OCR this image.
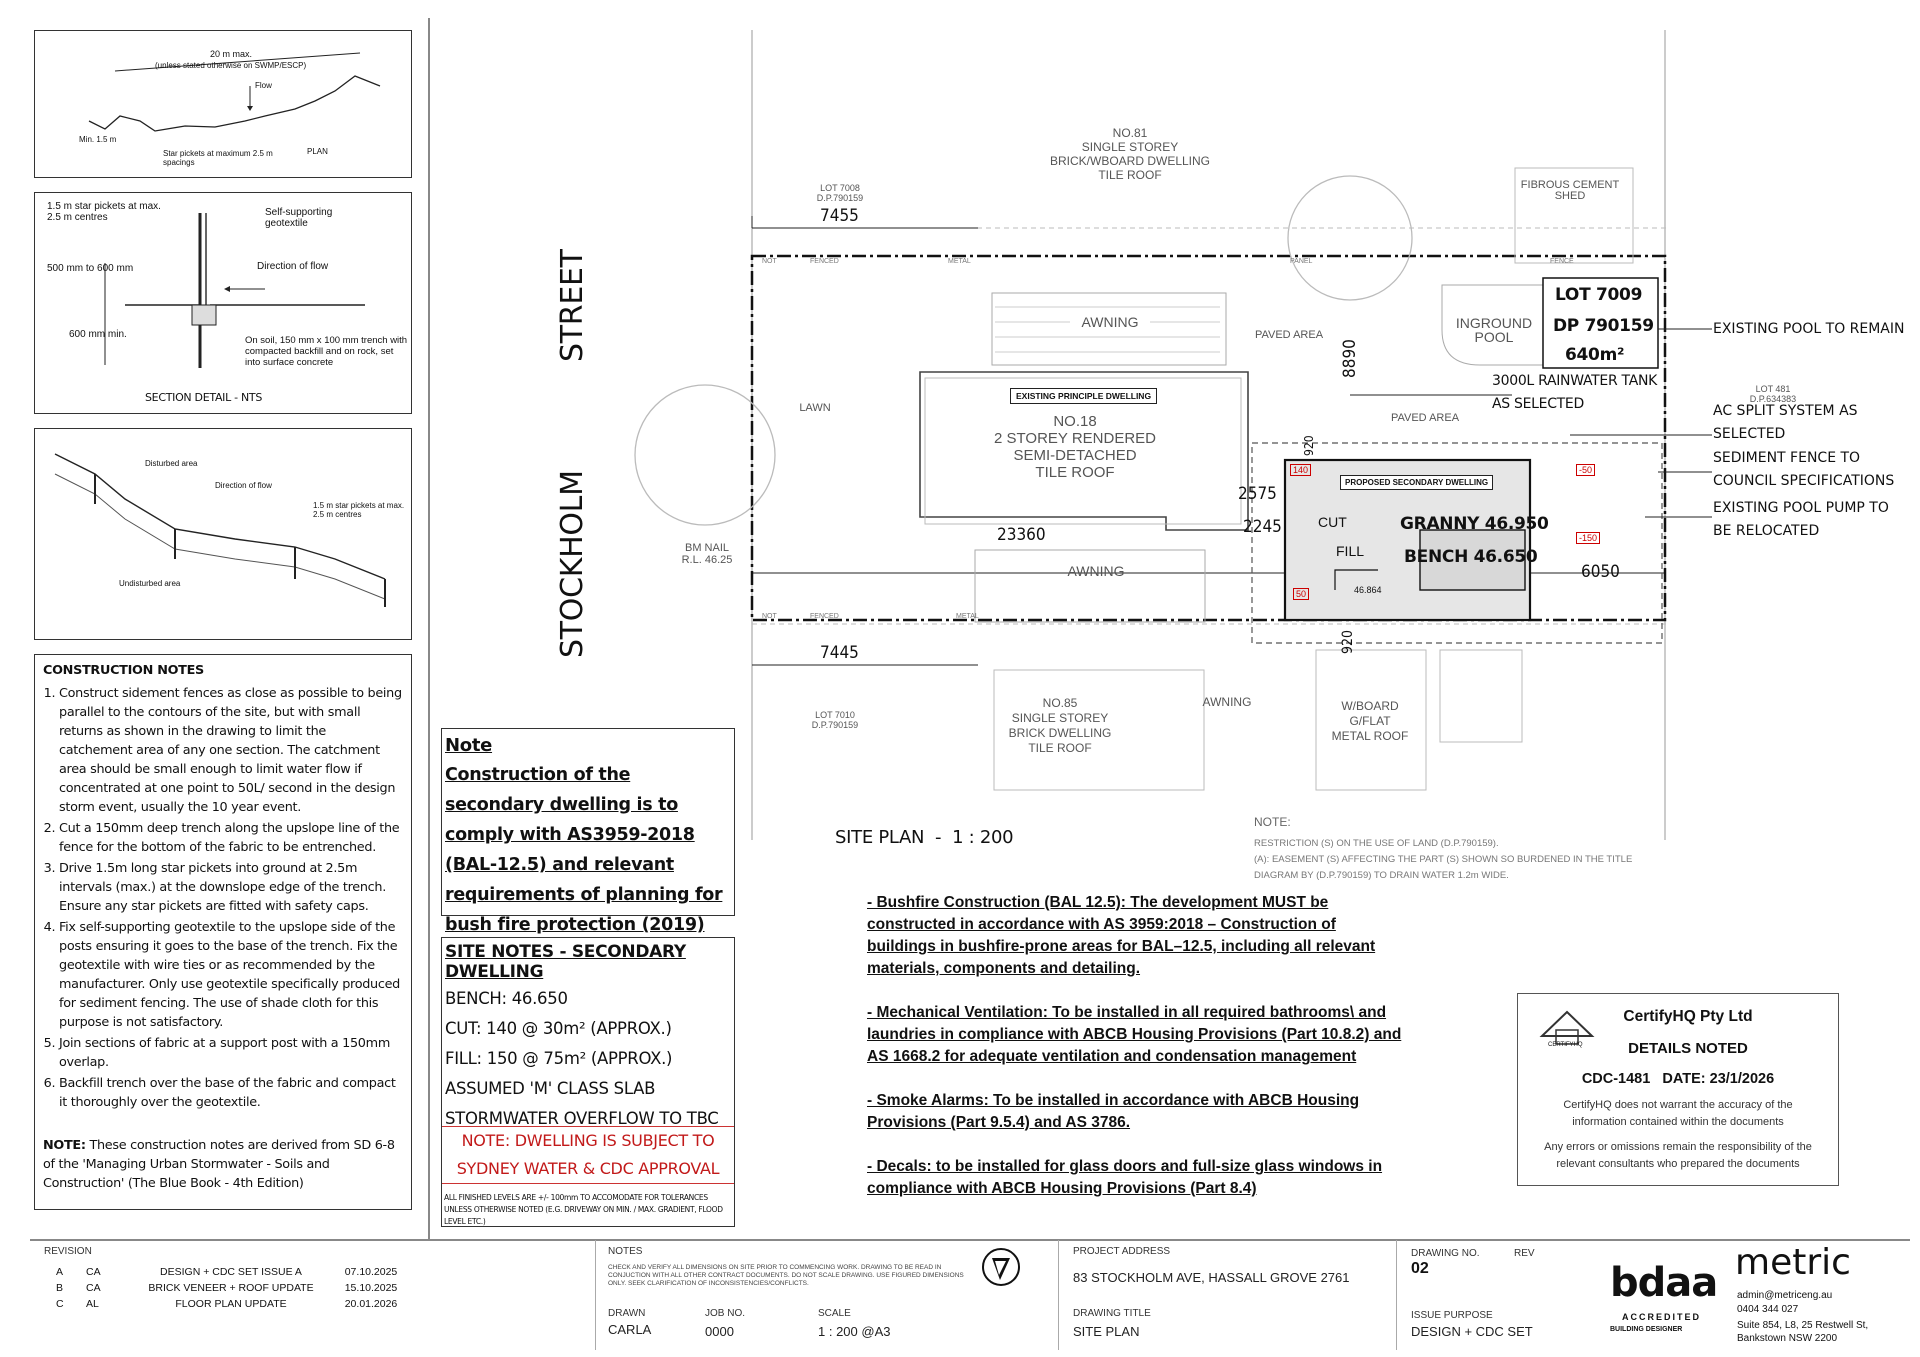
20 m max.
(unless stated otherwise on SWMP/ESCP)
Flow
Min. 1.5 m
Star pickets at maximum 2.5 m spacings
PLAN
1.5 m star pickets at max. 2.5 m centres	Self-supporting geotextile
500 mm to 600 mm	Direction of flow
600 mm min.
On soil, 150 mm x 100 mm trench with compacted backfill and on rock, set into surface concrete
SECTION DETAIL - NTS
Disturbed area
Direction of flow
1.5 m star pickets at max. 2.5 m centres
Undisturbed area
CONSTRUCTION NOTES
1. Construct sidement fences as close as possible to being parallel to the contours of the site, but with small returns as shown in the drawing to limit the catchement area of any one section. The catchment area should be small enough to limit water flow if concentrated at one point to 50L/ second in the design storm event, usually the 10 year event.
2. Cut a 150mm deep trench along the upslope line of the fence for the bottom of the fabric to be entrenched.
3. Drive 1.5m long star pickets into ground at 2.5m intervals (max.) at the downslope edge of the trench. Ensure any star pickets are fitted with safety caps.
4. Fix self-supporting geotextile to the upslope side of the posts ensuring it goes to the base of the trench. Fix the geotextile with wire ties or as recommended by the manufacturer. Only use geotextile specifically produced for sediment fencing. The use of shade cloth for this purpose is not satisfactory.
5. Join sections of fabric at a support post with a 150mm overlap.
6. Backfill trench over the base of the fabric and compact it thoroughly over the geotextile.
NOTE: These construction notes are derived from SD 6-8 of the 'Managing Urban Stormwater - Soils and Construction' (The Blue Book - 4th Edition)
STREET
STOCKHOLM
NO.81
SINGLE STOREY
BRICK/WBOARD DWELLING
TILE ROOF
LOT 7008
D.P.790159
FIBROUS CEMENT
SHED
7455
7445
23360
8890
2575
2245
6050
920
920
AWNING
AWNING
AWNING
PAVED AREA
PAVED AREA
INGROUND
POOL
LAWN
EXISTING PRINCIPLE DWELLING
NO.18
2 STOREY RENDERED
SEMI-DETACHED
TILE ROOF
BM NAIL
R.L. 46.25
LOT 7009
DP 790159
640m²
LOT 481
D.P.634383
PROPOSED SECONDARY DWELLING
CUT
FILL
GRANNY 46.950
BENCH 46.650
46.864
140
50
-50
-150
NO.85
SINGLE STOREY
BRICK DWELLING
TILE ROOF
LOT 7010
D.P.790159
W/BOARD
G/FLAT
METAL ROOF
NOT	FENCED	METAL	PANEL	FENCE
NOT	FENCED	METAL
3000L RAINWATER TANK
AS SELECTED
EXISTING POOL TO REMAIN
AC SPLIT SYSTEM AS
SELECTED
SEDIMENT FENCE TO
COUNCIL SPECIFICATIONS
EXISTING POOL PUMP TO
BE RELOCATED
SITE PLAN  -  1 : 200
NOTE:
RESTRICTION (S) ON THE USE OF LAND (D.P.790159).
(A): EASEMENT (S) AFFECTING THE PART (S) SHOWN SO BURDENED IN THE TITLE
DIAGRAM BY (D.P.790159) TO DRAIN WATER 1.2m WIDE.
Note
Construction of the secondary dwelling is to comply with AS3959-2018 (BAL-12.5) and relevant requirements of planning for bush fire protection (2019)
SITE NOTES - SECONDARY DWELLING
BENCH: 46.650
CUT: 140 @ 30m² (APPROX.)
FILL: 150 @ 75m² (APPROX.)
ASSUMED 'M' CLASS SLAB
STORMWATER OVERFLOW TO TBC
NOTE: DWELLING IS SUBJECT TO SYDNEY WATER & CDC APPROVAL
ALL FINISHED LEVELS ARE +/- 100mm TO ACCOMODATE FOR TOLERANCES UNLESS OTHERWISE NOTED (E.G. DRIVEWAY ON MIN. / MAX. GRADIENT, FLOOD LEVEL ETC.)
- Bushfire Construction (BAL 12.5): The development MUST be constructed in accordance with AS 3959:2018 – Construction of buildings in bushfire-prone areas for BAL–12.5, including all relevant materials, components and detailing.
- Mechanical Ventilation: To be installed in all required bathrooms\ and laundries in compliance with ABCB Housing Provisions (Part 10.8.2) and AS 1668.2 for adequate ventilation and condensation management
- Smoke Alarms: To be installed in accordance with ABCB Housing Provisions (Part 9.5.4) and AS 3786.
- Decals: to be installed for glass doors and full-size glass windows in compliance with ABCB Housing Provisions (Part 8.4)
CERTIFYHQ
CertifyHQ Pty Ltd
DETAILS NOTED
CDC-1481   DATE: 23/1/2026
CertifyHQ does not warrant the accuracy of the information contained within the documents
Any errors or omissions remain the responsibility of the relevant consultants who prepared the documents
REVISION
A	CA	DESIGN + CDC SET ISSUE A	07.10.2025
B	CA	BRICK VENEER + ROOF UPDATE	15.10.2025
C	AL	FLOOR PLAN UPDATE	20.01.2026
NOTES
CHECK AND VERIFY ALL DIMENSIONS ON SITE PRIOR TO COMMENCING WORK. DRAWING TO BE READ IN CONJUCTION WITH ALL OTHER CONTRACT DOCUMENTS. DO NOT SCALE DRAWING. USE FIGURED DIMENSIONS ONLY. SEEK CLARIFICATION OF INCONSISTENCIES/CONFLICTS.
DRAWN
CARLA
JOB NO.
0000
SCALE
1 : 200 @A3
PROJECT ADDRESS
83 STOCKHOLM AVE, HASSALL GROVE 2761
DRAWING TITLE
SITE PLAN
DRAWING NO.
02
REV
ISSUE PURPOSE
DESIGN + CDC SET
bdaa
ACCREDITED
BUILDING DESIGNER
metric
admin@metriceng.au
0404 344 027
Suite 854, L8, 25 Restwell St,
Bankstown NSW 2200
